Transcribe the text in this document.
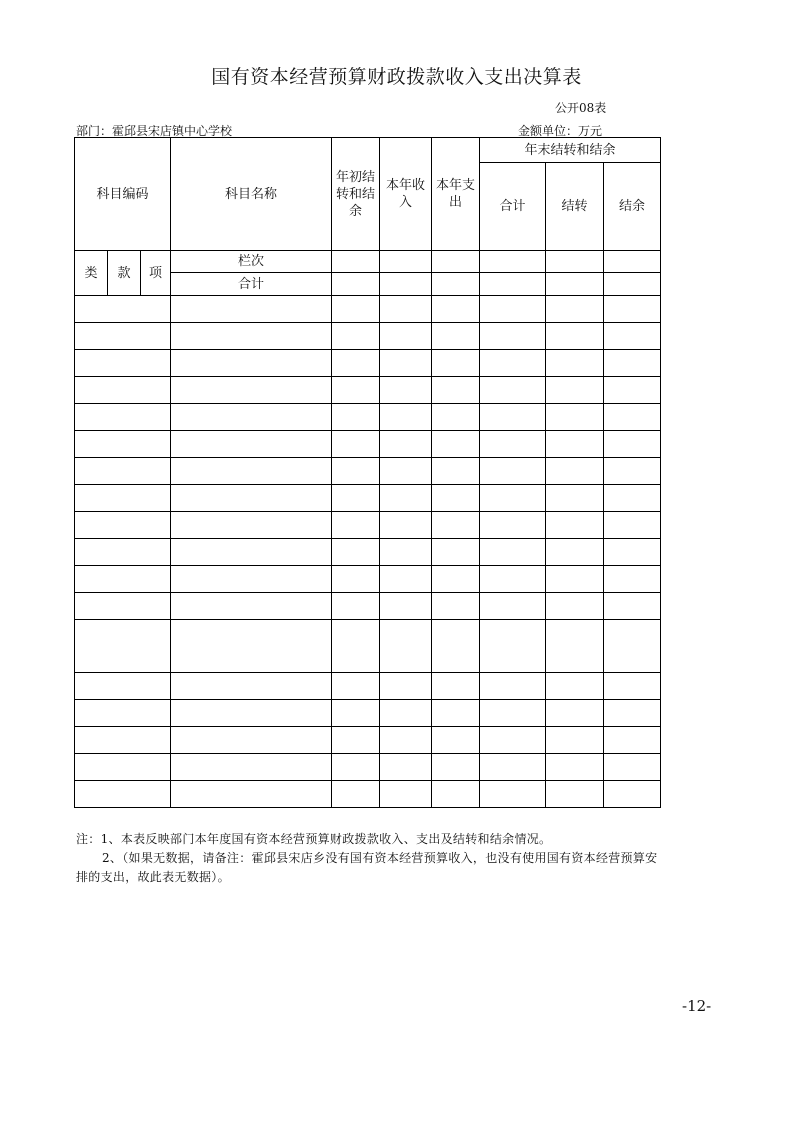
国有资本经营预算财政拨款收入支出决算表
公开08表
部门：霍邱县宋店镇中心学校	金额单位：万元
科目编码			科目名称	年初结转和结余	本年收入	本年支出	年末结转和结余		
							合计	结转	结余
类	款	项	栏次						
			合计						

注：1、本表反映部门本年度国有资本经营预算财政拨款收入、支出及结转和结余情况。

2、（如果无数据，请备注：霍邱县宋店乡没有国有资本经营预算收入，也没有使用国有资本经营预算安

排的支出，故此表无数据）。

-12-
